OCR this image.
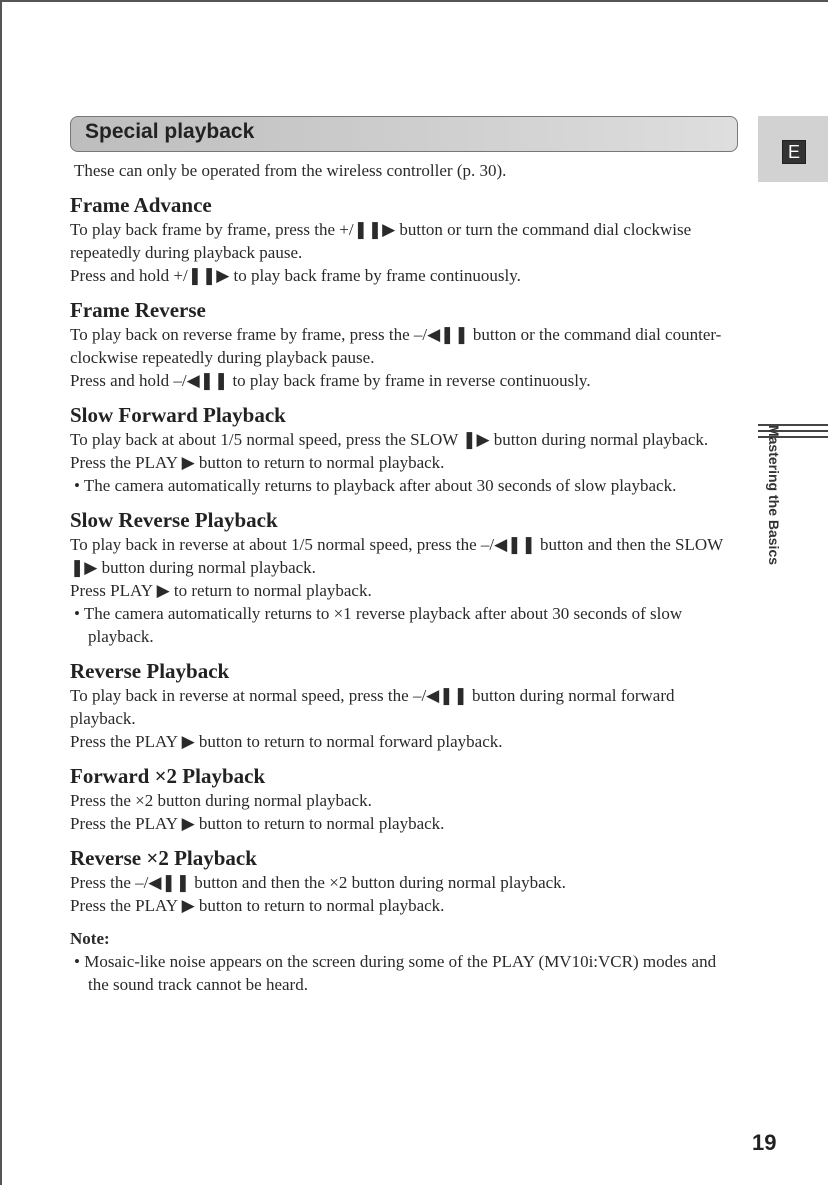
Special playback
E
Mastering the Basics

These can only be operated from the wireless controller (p. 30).

Frame Advance

To play back frame by frame, press the +/❚❚▶ button or turn the command dial clockwise repeatedly during playback pause.

Press and hold +/❚❚▶ to play back frame by frame continuously.

Frame Reverse

To play back on reverse frame by frame, press the –/◀❚❚ button or the command dial counter-clockwise repeatedly during playback pause.

Press and hold –/◀❚❚ to play back frame by frame in reverse continuously.

Slow Forward Playback

To play back at about 1/5 normal speed, press the SLOW ❚▶ button during normal playback.

Press the PLAY ▶ button to return to normal playback.

• The camera automatically returns to playback after about 30 seconds of slow playback.

Slow Reverse Playback

To play back in reverse at about 1/5 normal speed, press the –/◀❚❚ button and then the SLOW ❚▶ button during normal playback.

Press PLAY ▶ to return to normal playback.

• The camera automatically returns to ×1 reverse playback after about 30 seconds of slow playback.

Reverse Playback

To play back in reverse at normal speed, press the –/◀❚❚ button during normal forward playback.

Press the PLAY ▶ button to return to normal forward playback.

Forward ×2 Playback

Press the ×2 button during normal playback.

Press the PLAY ▶ button to return to normal playback.

Reverse ×2 Playback

Press the –/◀❚❚ button and then the ×2 button during normal playback.

Press the PLAY ▶ button to return to normal playback.

Note:

• Mosaic-like noise appears on the screen during some of the PLAY (MV10i:VCR) modes and the sound track cannot be heard.

19
